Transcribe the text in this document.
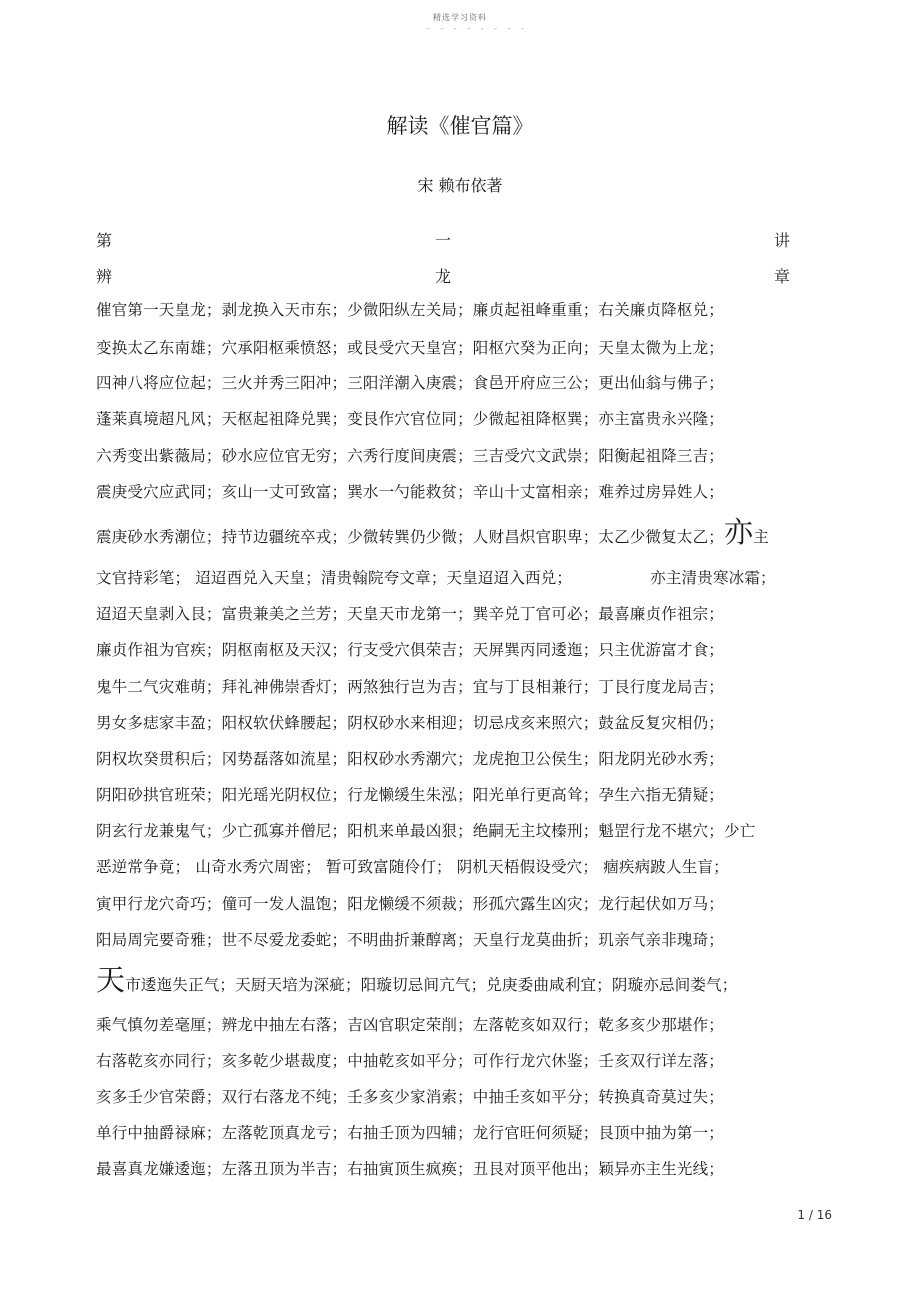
精选学习资料
- - - - - - - -
解读《催官篇》
宋 赖布依著
第	一	讲
辨	龙	章
催官第一天皇龙；剥龙换入天市东；少微阳纵左关局；廉贞起祖峰重重；右关廉贞降枢兑；
变换太乙东南雄；穴承阳枢乘愤怒；或艮受穴天皇宫；阳枢穴癸为正向；天皇太微为上龙；
四神八将应位起；三火并秀三阳冲；三阳洋潮入庚震；食邑开府应三公；更出仙翁与佛子；
蓬莱真境超凡风；天枢起祖降兑巽；变艮作穴官位同；少微起祖降枢巽；亦主富贵永兴隆；
六秀变出紫薇局；砂水应位官无穷；六秀行度间庚震；三吉受穴文武崇；阳衡起祖降三吉；
震庚受穴应武同；亥山一丈可致富；巽水一勺能救贫；辛山十丈富相亲；难养过房异姓人；
震庚砂水秀潮位；持节边疆统卒戎；少微转巽仍少微；人财昌炽官职卑；太乙少微复太乙；亦主
文官持彩笔； 迢迢酉兑入天皇；清贵翰院夸文章；天皇迢迢入西兑；	亦主清贵寒冰霜；
迢迢天皇剥入艮；富贵兼美之兰芳；天皇天市龙第一；巽辛兑丁官可必；最喜廉贞作祖宗；
廉贞作祖为官疾；阴枢南枢及天汉；行支受穴俱荣吉；天屏巽丙同逶迤；只主优游富才食；
鬼牛二气灾难萌；拜礼神佛崇香灯；两煞独行岂为吉；宜与丁艮相兼行；丁艮行度龙局吉；
男女多痣家丰盈；阳权软伏蜂腰起；阴权砂水来相迎；切忌戌亥来照穴；鼓盆反复灾相仍；
阴权坎癸贯积后；冈势磊落如流星；阳权砂水秀潮穴；龙虎抱卫公侯生；阳龙阴光砂水秀；
阴阳砂拱官班荣；阳光瑶光阴权位；行龙懒缓生朱泓；阳光单行更高耸；孕生六指无猜疑；
阴玄行龙兼鬼气；少亡孤寡并僧尼；阳机来单最凶狠；绝嗣无主坟榛刑；魁罡行龙不堪穴；少亡
恶逆常争竟； 山奇水秀穴周密； 暂可致富随伶仃； 阴机天梧假设受穴； 痼疾病跛人生盲；
寅甲行龙穴奇巧；僮可一发人温饱；阳龙懒缓不须裁；形孤穴露生凶灾；龙行起伏如万马；
阳局周完要奇雅；世不尽爱龙委蛇；不明曲折兼醇离；天皇行龙莫曲折；玑亲气亲非瑰琦；
天市逶迤失正气；天厨天培为深疵；阳璇切忌间亢气；兑庚委曲咸利宜；阴璇亦忌间娄气；
乘气慎勿差毫厘；辨龙中抽左右落；吉凶官职定荣削；左落乾亥如双行；乾多亥少那堪作；
右落乾亥亦同行；亥多乾少堪裁度；中抽乾亥如平分；可作行龙穴休鉴；壬亥双行详左落；
亥多壬少官荣爵；双行右落龙不纯；壬多亥少家消索；中抽壬亥如平分；转换真奇莫过失；
单行中抽爵禄麻；左落乾顶真龙亏；右抽壬顶为四辅；龙行官旺何须疑；艮顶中抽为第一；
最喜真龙嫌逶迤；左落丑顶为半吉；右抽寅顶生疯痪；丑艮对顶平他出；颖异亦主生光线；
1 / 16
